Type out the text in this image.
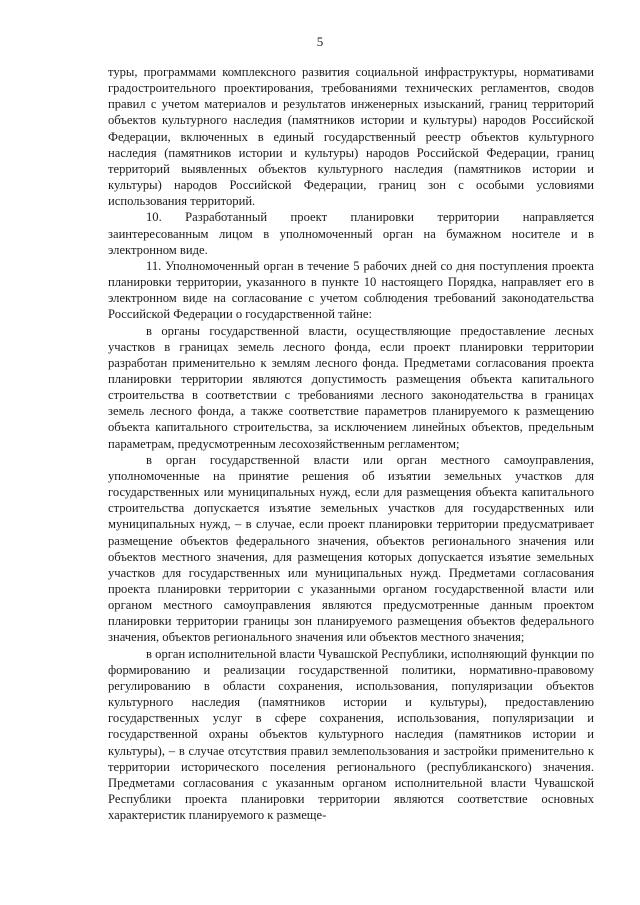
5

туры, программами комплексного развития социальной инфраструктуры, нормативами градостроительного проектирования, требованиями технических регламентов, сводов правил с учетом материалов и результатов инженерных изысканий, границ территорий объектов культурного наследия (памятников истории и культуры) народов Российской Федерации, включенных в единый государственный реестр объектов культурного наследия (памятников истории и культуры) народов Российской Федерации, границ территорий выявленных объектов культурного наследия (памятников истории и культуры) народов Российской Федерации, границ зон с особыми условиями использования территорий.

10. Разработанный проект планировки территории направляется заинтересованным лицом в уполномоченный орган на бумажном носителе и в электронном виде.

11. Уполномоченный орган в течение 5 рабочих дней со дня поступления проекта планировки территории, указанного в пункте 10 настоящего Порядка, направляет его в электронном виде на согласование с учетом соблюдения требований законодательства Российской Федерации о государственной тайне:

в органы государственной власти, осуществляющие предоставление лесных участков в границах земель лесного фонда, если проект планировки территории разработан применительно к землям лесного фонда. Предметами согласования проекта планировки территории являются допустимость размещения объекта капитального строительства в соответствии с требованиями лесного законодательства в границах земель лесного фонда, а также соответствие параметров планируемого к размещению объекта капитального строительства, за исключением линейных объектов, предельным параметрам, предусмотренным лесохозяйственным регламентом;

в орган государственной власти или орган местного самоуправления, уполномоченные на принятие решения об изъятии земельных участков для государственных или муниципальных нужд, если для размещения объекта капитального строительства допускается изъятие земельных участков для государственных или муниципальных нужд, – в случае, если проект планировки территории предусматривает размещение объектов федерального значения, объектов регионального значения или объектов местного значения, для размещения которых допускается изъятие земельных участков для государственных или муниципальных нужд. Предметами согласования проекта планировки территории с указанными органом государственной власти или органом местного самоуправления являются предусмотренные данным проектом планировки территории границы зон планируемого размещения объектов федерального значения, объектов регионального значения или объектов местного значения;

в орган исполнительной власти Чувашской Республики, исполняющий функции по формированию и реализации государственной политики, нормативно-правовому регулированию в области сохранения, использования, популяризации объектов культурного наследия (памятников истории и культуры), предоставлению государственных услуг в сфере сохранения, использования, популяризации и государственной охраны объектов культурного наследия (памятников истории и культуры), – в случае отсутствия правил землепользования и застройки применительно к территории исторического поселения регионального (республиканского) значения. Предметами согласования с указанным органом исполнительной власти Чувашской Республики проекта планировки территории являются соответствие основных характеристик планируемого к размеще-
